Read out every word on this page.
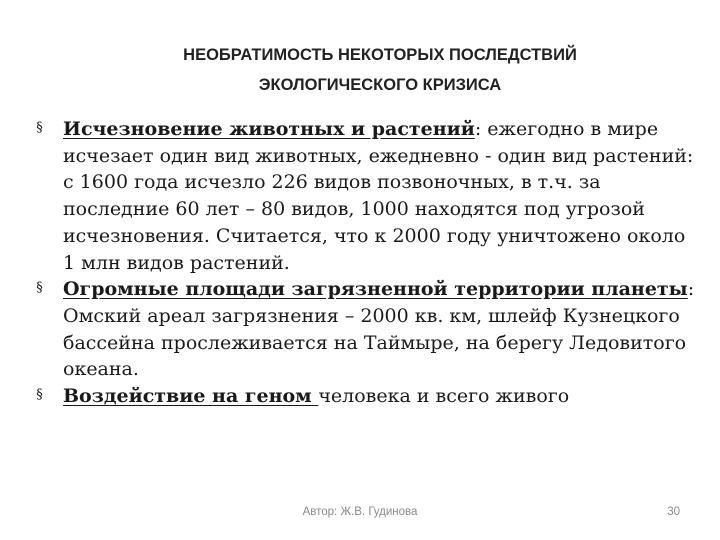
НЕОБРАТИМОСТЬ НЕКОТОРЫХ ПОСЛЕДСТВИЙ
ЭКОЛОГИЧЕСКОГО КРИЗИСА
§ Исчезновение животных и растений: ежегодно в мире исчезает один вид животных, ежедневно - один вид растений: с 1600 года исчезло 226 видов позвоночных, в т.ч. за последние 60 лет – 80 видов, 1000 находятся под угрозой исчезновения. Считается, что к 2000 году уничтожено около 1 млн видов растений.
§ Огромные площади загрязненной территории планеты: Омский ареал загрязнения – 2000 кв. км, шлейф Кузнецкого бассейна прослеживается на Таймыре, на берегу Ледовитого океана.
§ Воздействие на геном человека и всего живого
Автор: Ж.В. Гудинова	30
